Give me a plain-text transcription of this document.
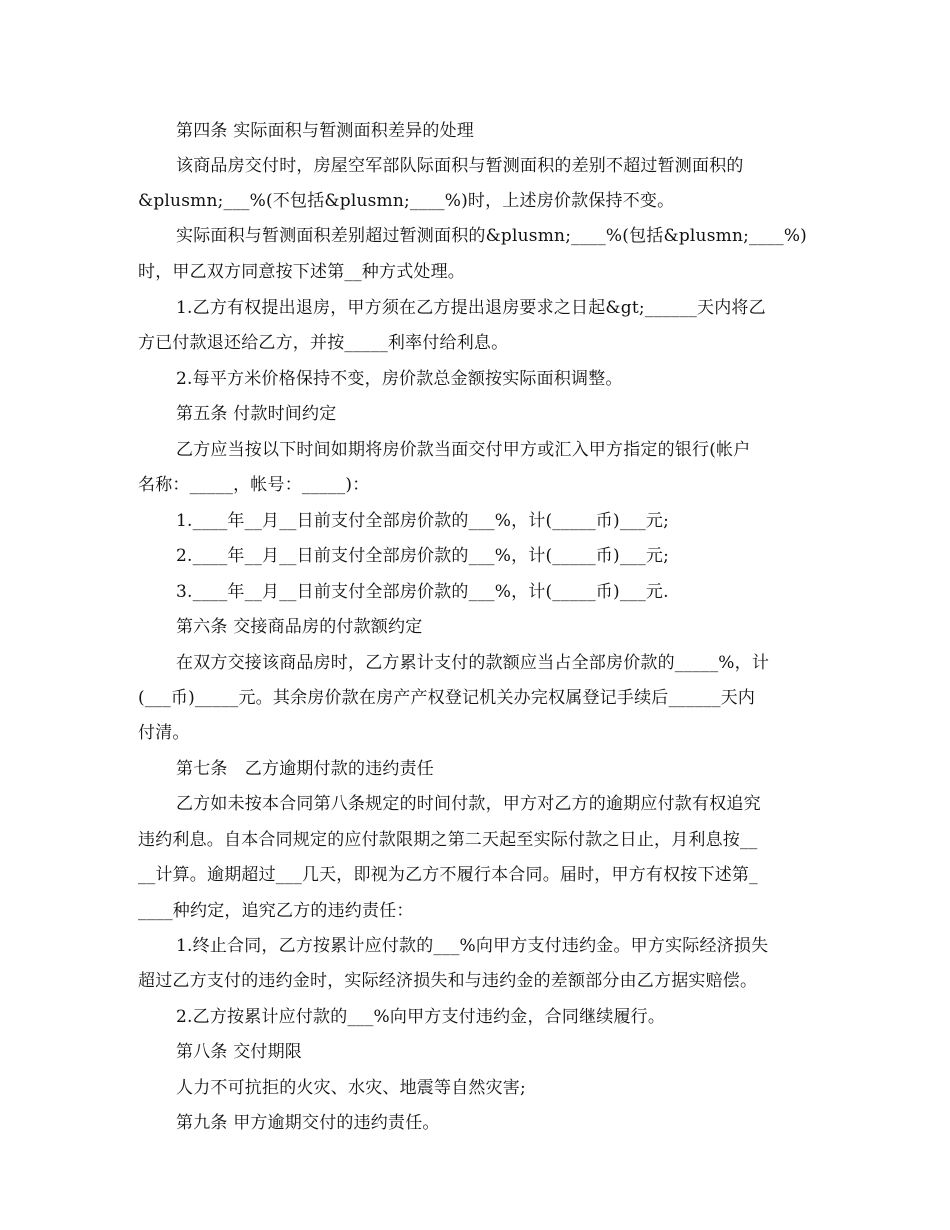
第四条 实际面积与暂测面积差异的处理
该商品房交付时，房屋空军部队际面积与暂测面积的差别不超过暂测面积的
&plusmn;___%(不包括&plusmn;____%)时，上述房价款保持不变。
实际面积与暂测面积差别超过暂测面积的&plusmn;____%(包括&plusmn;____%)
时，甲乙双方同意按下述第__种方式处理。
1.乙方有权提出退房，甲方须在乙方提出退房要求之日起&gt;______天内将乙
方已付款退还给乙方，并按_____利率付给利息。
2.每平方米价格保持不变，房价款总金额按实际面积调整。
第五条 付款时间约定
乙方应当按以下时间如期将房价款当面交付甲方或汇入甲方指定的银行(帐户
名称：_____，帐号：_____)：
1.____年__月__日前支付全部房价款的___%，计(_____币)___元;
2.____年__月__日前支付全部房价款的___%，计(_____币)___元;
3.____年__月__日前支付全部房价款的___%，计(_____币)___元.
第六条 交接商品房的付款额约定
在双方交接该商品房时，乙方累计支付的款额应当占全部房价款的_____%，计
(___币)_____元。其余房价款在房产产权登记机关办完权属登记手续后______天内
付清。
第七条　乙方逾期付款的违约责任
乙方如未按本合同第八条规定的时间付款，甲方对乙方的逾期应付款有权追究
违约利息。自本合同规定的应付款限期之第二天起至实际付款之日止，月利息按__
__计算。逾期超过___几天，即视为乙方不履行本合同。届时，甲方有权按下述第_
____种约定，追究乙方的违约责任：
1.终止合同，乙方按累计应付款的___%向甲方支付违约金。甲方实际经济损失
超过乙方支付的违约金时，实际经济损失和与违约金的差额部分由乙方据实赔偿。
2.乙方按累计应付款的___%向甲方支付违约金，合同继续履行。
第八条 交付期限
人力不可抗拒的火灾、水灾、地震等自然灾害;
第九条 甲方逾期交付的违约责任。
